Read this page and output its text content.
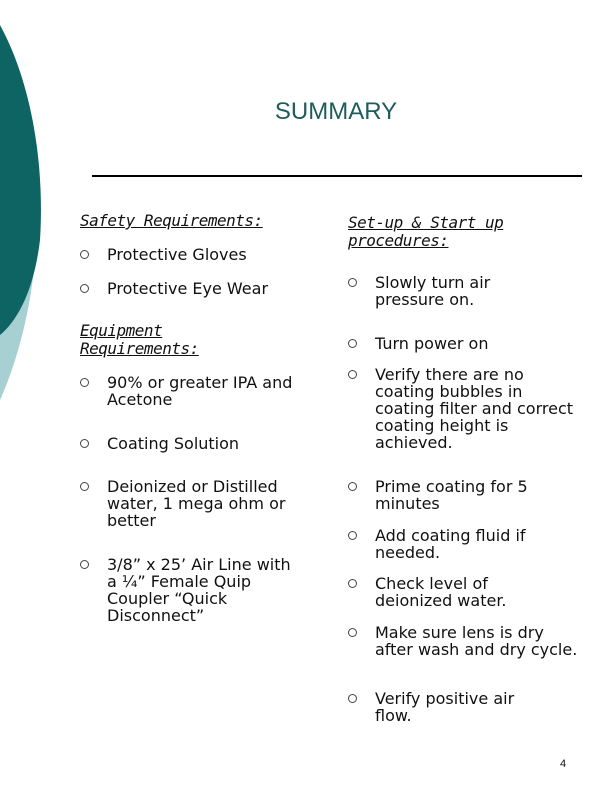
SUMMARY
Safety Requirements:
Protective Gloves
Protective Eye Wear
Equipment
Requirements:
90% or greater IPA and Acetone
Coating Solution
Deionized or Distilled water, 1 mega ohm or better
3/8” x 25’ Air Line with a ¼” Female Quip Coupler “Quick Disconnect”
Set-up & Start up
procedures:
Slowly turn air pressure on.
Turn power on
Verify there are no coating bubbles in coating filter and correct coating height is achieved.
Prime coating for 5 minutes
Add coating fluid if needed.
Check level of deionized water.
Make sure lens is dry after wash and dry cycle.
Verify positive air flow.
4
